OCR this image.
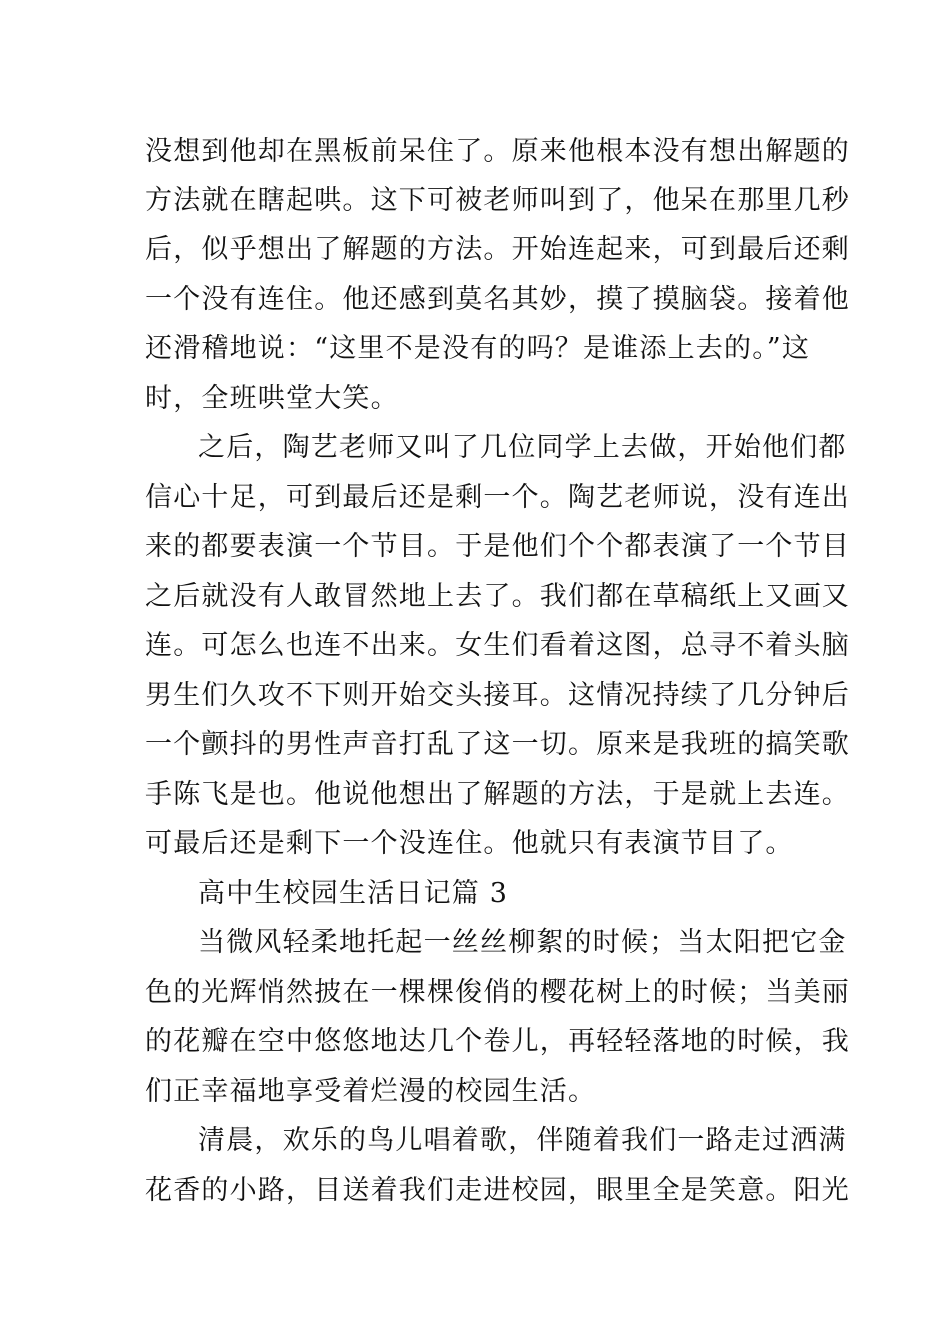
没想到他却在黑板前呆住了。原来他根本没有想出解题的
方法就在瞎起哄。这下可被老师叫到了，他呆在那里几秒
后，似乎想出了解题的方法。开始连起来，可到最后还剩
一个没有连住。他还感到莫名其妙，摸了摸脑袋。接着他
还滑稽地说：“这里不是没有的吗？是谁添上去的。”这
时，全班哄堂大笑。
之后，陶艺老师又叫了几位同学上去做，开始他们都
信心十足，可到最后还是剩一个。陶艺老师说，没有连出
来的都要表演一个节目。于是他们个个都表演了一个节目
之后就没有人敢冒然地上去了。我们都在草稿纸上又画又
连。可怎么也连不出来。女生们看着这图，总寻不着头脑
男生们久攻不下则开始交头接耳。这情况持续了几分钟后
一个颤抖的男性声音打乱了这一切。原来是我班的搞笑歌
手陈飞是也。他说他想出了解题的方法，于是就上去连。
可最后还是剩下一个没连住。他就只有表演节目了。
高中生校园生活日记篇 3
当微风轻柔地托起一丝丝柳絮的时候；当太阳把它金
色的光辉悄然披在一棵棵俊俏的樱花树上的时候；当美丽
的花瓣在空中悠悠地达几个卷儿，再轻轻落地的时候，我
们正幸福地享受着烂漫的校园生活。
清晨，欢乐的鸟儿唱着歌，伴随着我们一路走过洒满
花香的小路，目送着我们走进校园，眼里全是笑意。阳光
